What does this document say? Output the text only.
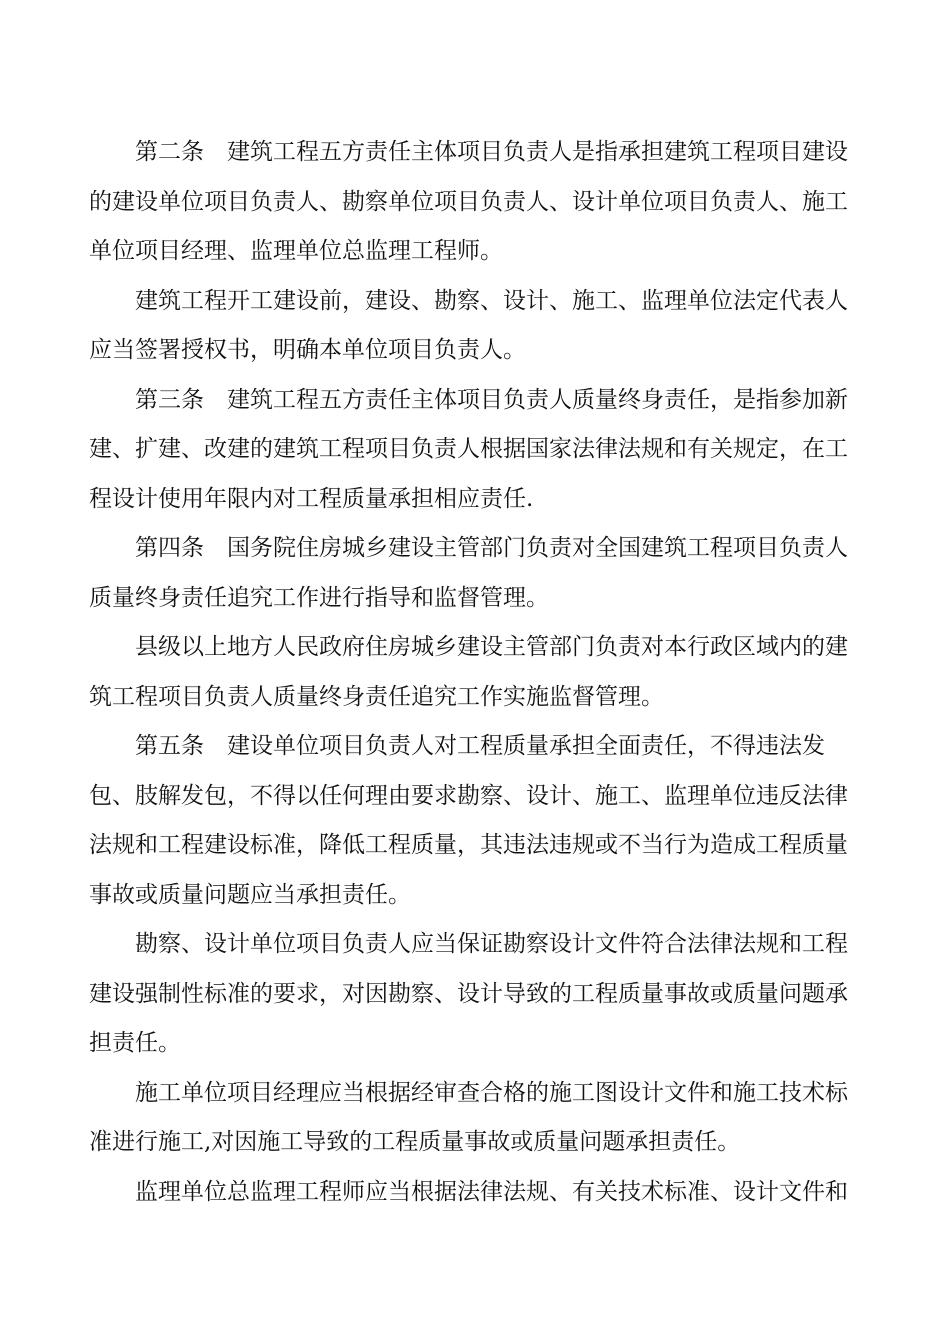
第二条　建筑工程五方责任主体项目负责人是指承担建筑工程项目建设
的建设单位项目负责人、勘察单位项目负责人、设计单位项目负责人、施工
单位项目经理、监理单位总监理工程师。

建筑工程开工建设前，建设、勘察、设计、施工、监理单位法定代表人
应当签署授权书，明确本单位项目负责人。

第三条　建筑工程五方责任主体项目负责人质量终身责任，是指参加新
建、扩建、改建的建筑工程项目负责人根据国家法律法规和有关规定，在工
程设计使用年限内对工程质量承担相应责任.

第四条　国务院住房城乡建设主管部门负责对全国建筑工程项目负责人
质量终身责任追究工作进行指导和监督管理。

县级以上地方人民政府住房城乡建设主管部门负责对本行政区域内的建
筑工程项目负责人质量终身责任追究工作实施监督管理。

第五条　建设单位项目负责人对工程质量承担全面责任，不得违法发
包、肢解发包，不得以任何理由要求勘察、设计、施工、监理单位违反法律
法规和工程建设标准，降低工程质量，其违法违规或不当行为造成工程质量
事故或质量问题应当承担责任。

勘察、设计单位项目负责人应当保证勘察设计文件符合法律法规和工程
建设强制性标准的要求，对因勘察、设计导致的工程质量事故或质量问题承
担责任。

施工单位项目经理应当根据经审查合格的施工图设计文件和施工技术标
准进行施工,对因施工导致的工程质量事故或质量问题承担责任。

监理单位总监理工程师应当根据法律法规、有关技术标准、设计文件和
